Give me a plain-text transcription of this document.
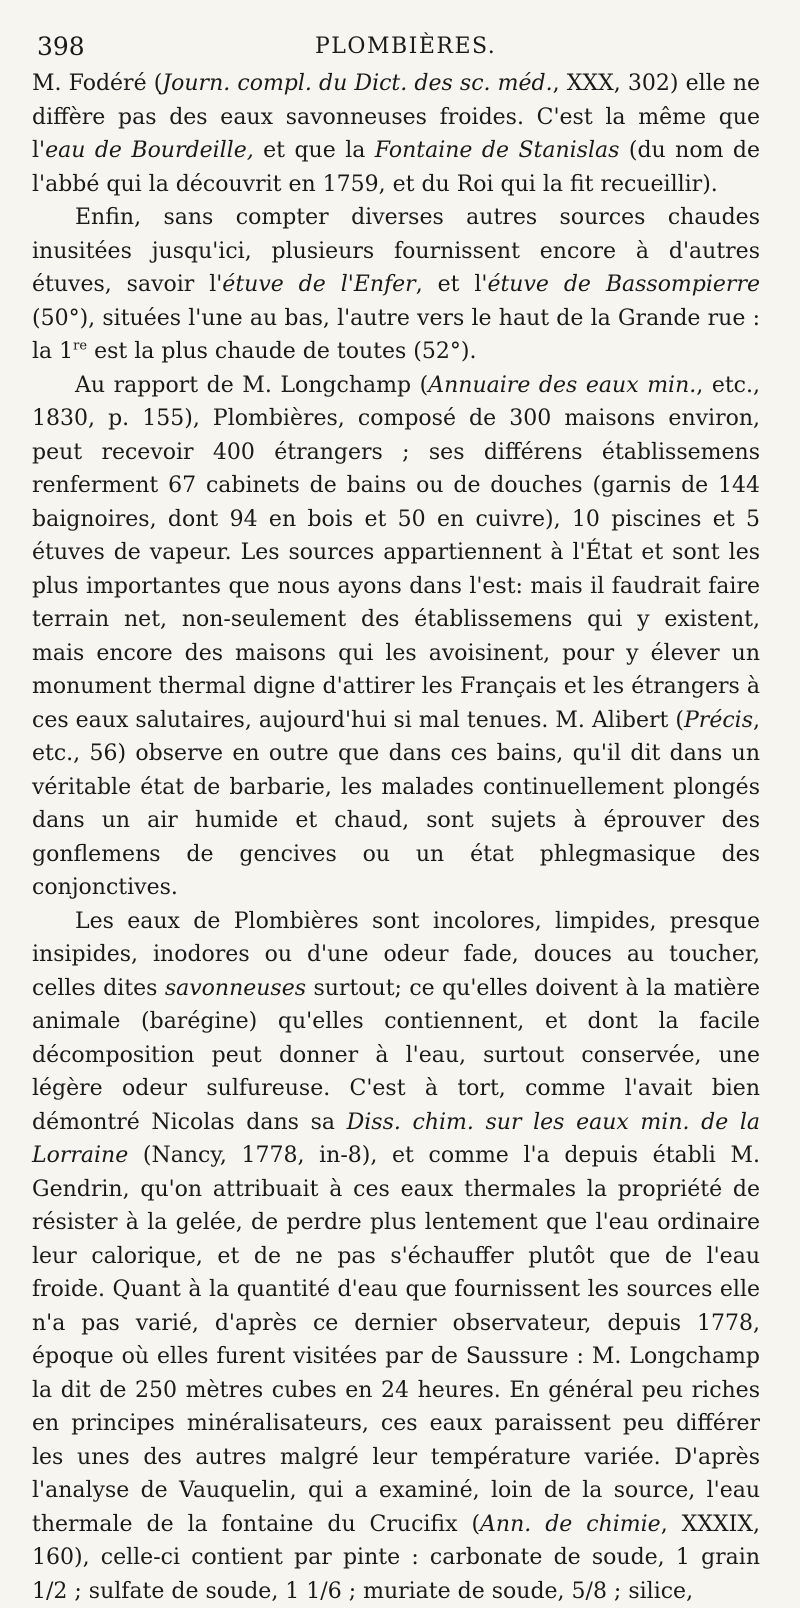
398	PLOMBIÈRES.

M. Fodéré (Journ. compl. du Dict. des sc. méd., XXX, 302) elle ne diffère pas des eaux savonneuses froides. C'est la même que l'eau de Bourdeille, et que la Fontaine de Stanislas (du nom de l'abbé qui la découvrit en 1759, et du Roi qui la fit recueillir).

Enfin, sans compter diverses autres sources chaudes inusitées jusqu'ici, plusieurs fournissent encore à d'autres étuves, savoir l'étuve de l'Enfer, et l'étuve de Bassompierre (50°), situées l'une au bas, l'autre vers le haut de la Grande rue : la 1re est la plus chaude de toutes (52°).

Au rapport de M. Longchamp (Annuaire des eaux min., etc., 1830, p. 155), Plombières, composé de 300 maisons environ, peut recevoir 400 étrangers ; ses différens établissemens renferment 67 cabinets de bains ou de douches (garnis de 144 baignoires, dont 94 en bois et 50 en cuivre), 10 piscines et 5 étuves de vapeur. Les sources appartiennent à l'État et sont les plus importantes que nous ayons dans l'est: mais il faudrait faire terrain net, non-seulement des établissemens qui y existent, mais encore des maisons qui les avoisinent, pour y élever un monument thermal digne d'attirer les Français et les étrangers à ces eaux salutaires, aujourd'hui si mal tenues. M. Alibert (Précis, etc., 56) observe en outre que dans ces bains, qu'il dit dans un véritable état de barbarie, les malades continuellement plongés dans un air humide et chaud, sont sujets à éprouver des gonflemens de gencives ou un état phlegmasique des conjonctives.

Les eaux de Plombières sont incolores, limpides, presque insipides, inodores ou d'une odeur fade, douces au toucher, celles dites savonneuses surtout; ce qu'elles doivent à la matière animale (barégine) qu'elles contiennent, et dont la facile décomposition peut donner à l'eau, surtout conservée, une légère odeur sulfureuse. C'est à tort, comme l'avait bien démontré Nicolas dans sa Diss. chim. sur les eaux min. de la Lorraine (Nancy, 1778, in-8), et comme l'a depuis établi M. Gendrin, qu'on attribuait à ces eaux thermales la propriété de résister à la gelée, de perdre plus lentement que l'eau ordinaire leur calorique, et de ne pas s'échauffer plutôt que de l'eau froide. Quant à la quantité d'eau que fournissent les sources elle n'a pas varié, d'après ce dernier observateur, depuis 1778, époque où elles furent visitées par de Saussure : M. Longchamp la dit de 250 mètres cubes en 24 heures. En général peu riches en principes minéralisateurs, ces eaux paraissent peu différer les unes des autres malgré leur température variée. D'après l'analyse de Vauquelin, qui a examiné, loin de la source, l'eau thermale de la fontaine du Crucifix (Ann. de chimie, XXXIX, 160), celle-ci contient par pinte : carbonate de soude, 1 grain 1/2 ; sulfate de soude, 1 1/6 ; muriate de soude, 5/8 ; silice,
